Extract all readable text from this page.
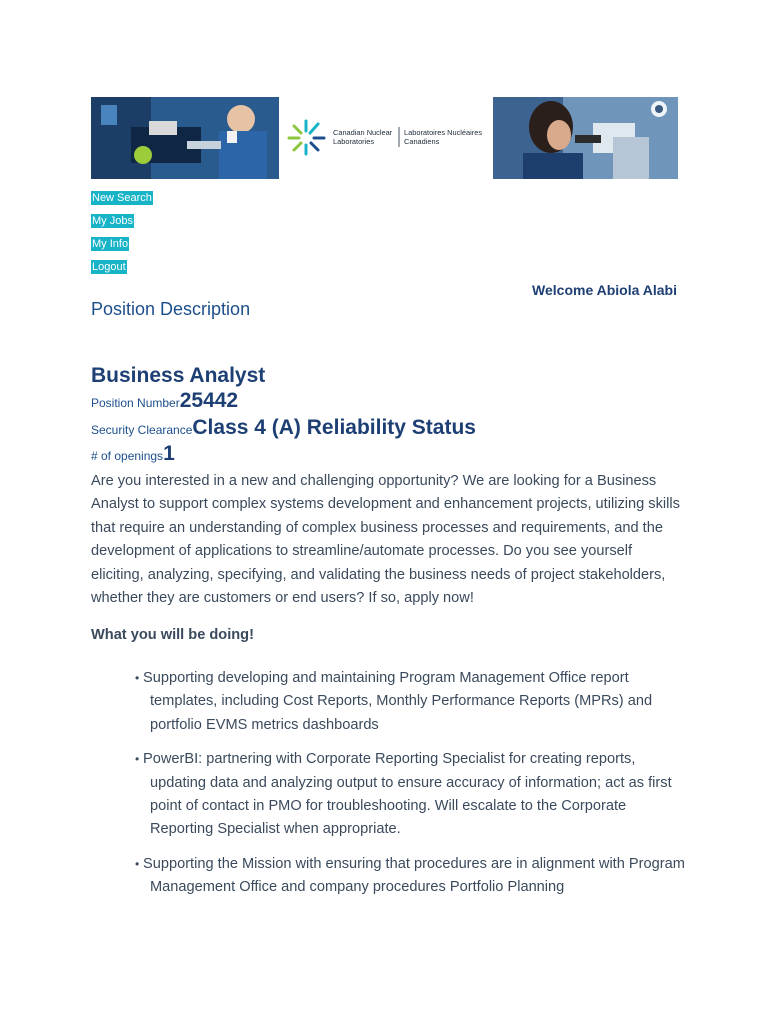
Canadian Nuclear
Laboratories
Laboratoires Nucléaires
Canadiens
New Search
My Jobs
My Info
Logout
Welcome Abiola Alabi
Position Description
Business Analyst
Position Number25442
Security ClearanceClass 4 (A) Reliability Status
# of openings1

Are you interested in a new and challenging opportunity? We are looking for a Business Analyst to support complex systems development and enhancement projects, utilizing skills that require an understanding of complex business processes and requirements, and the development of applications to streamline/automate processes. Do you see yourself eliciting, analyzing, specifying, and validating the business needs of project stakeholders, whether they are customers or end users? If so, apply now!

What you will be doing!
• Supporting developing and maintaining Program Management Office report templates, including Cost Reports, Monthly Performance Reports (MPRs) and portfolio EVMS metrics dashboards
• PowerBI: partnering with Corporate Reporting Specialist for creating reports, updating data and analyzing output to ensure accuracy of information; act as first point of contact in PMO for troubleshooting. Will escalate to the Corporate Reporting Specialist when appropriate.
• Supporting the Mission with ensuring that procedures are in alignment with Program Management Office and company procedures Portfolio Planning
